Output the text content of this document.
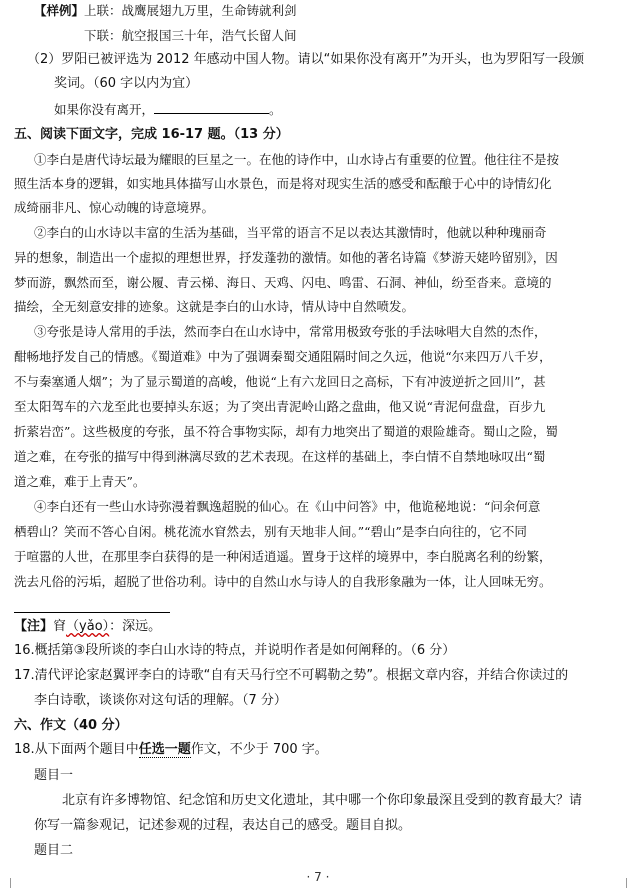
【样例】上联：战鹰展翅九万里，生命铸就利剑
下联：航空报国三十年，浩气长留人间
（2）罗阳已被评选为 2012 年感动中国人物。请以“如果你没有离开”为开头，也为罗阳写一段颁
奖词。（60 字以内为宜）
如果你没有离开，	。
五、阅读下面文字，完成 16-17 题。（13 分）
①李白是唐代诗坛最为耀眼的巨星之一。在他的诗作中，山水诗占有重要的位置。他往往不是按
照生活本身的逻辑，如实地具体描写山水景色，而是将对现实生活的感受和酝酿于心中的诗情幻化
成绮丽非凡、惊心动魄的诗意境界。
②李白的山水诗以丰富的生活为基础，当平常的语言不足以表达其激情时，他就以种种瑰丽奇
异的想象，制造出一个虚拟的理想世界，抒发蓬勃的激情。如他的著名诗篇《梦游天姥吟留别》，因
梦而游，飘然而至，谢公履、青云梯、海日、天鸡、闪电、鸣雷、石洞、神仙，纷至沓来。意境的
描绘，全无刻意安排的迹象。这就是李白的山水诗，情从诗中自然喷发。
③夸张是诗人常用的手法，然而李白在山水诗中，常常用极致夸张的手法咏唱大自然的杰作，
酣畅地抒发自己的情感。《蜀道难》中为了强调秦蜀交通阻隔时间之久远，他说“尔来四万八千岁，
不与秦塞通人烟”；为了显示蜀道的高峻，他说“上有六龙回日之高标，下有冲波逆折之回川”，甚
至太阳驾车的六龙至此也要掉头东返；为了突出青泥岭山路之盘曲，他又说“青泥何盘盘，百步九
折萦岩峦”。这些极度的夸张，虽不符合事物实际，却有力地突出了蜀道的艰险雄奇。蜀山之险，蜀
道之难，在夸张的描写中得到淋漓尽致的艺术表现。在这样的基础上，李白情不自禁地咏叹出“蜀
道之难，难于上青天”。
④李白还有一些山水诗弥漫着飘逸超脱的仙心。在《山中问答》中，他诡秘地说：“问余何意
栖碧山？笑而不答心自闲。桃花流水窅然去，别有天地非人间。”“碧山”是李白向往的，它不同
于喧嚣的人世，在那里李白获得的是一种闲适逍遥。置身于这样的境界中，李白脱离名利的纷繁，
洗去凡俗的污垢，超脱了世俗功利。诗中的自然山水与诗人的自我形象融为一体，让人回味无穷。
【注】窅（yǎo）：深远。
16.概括第③段所谈的李白山水诗的特点，并说明作者是如何阐释的。（6 分）
17.清代评论家赵翼评李白的诗歌“自有天马行空不可羁勒之势”。根据文章内容，并结合你读过的
李白诗歌，谈谈你对这句话的理解。（7 分）
六、作文（40 分）
18.从下面两个题目中任选一题作文，不少于 700 字。
题目一
北京有许多博物馆、纪念馆和历史文化遗址，其中哪一个你印象最深且受到的教育最大？请
你写一篇参观记，记述参观的过程，表达自己的感受。题目自拟。
题目二
· 7 ·
